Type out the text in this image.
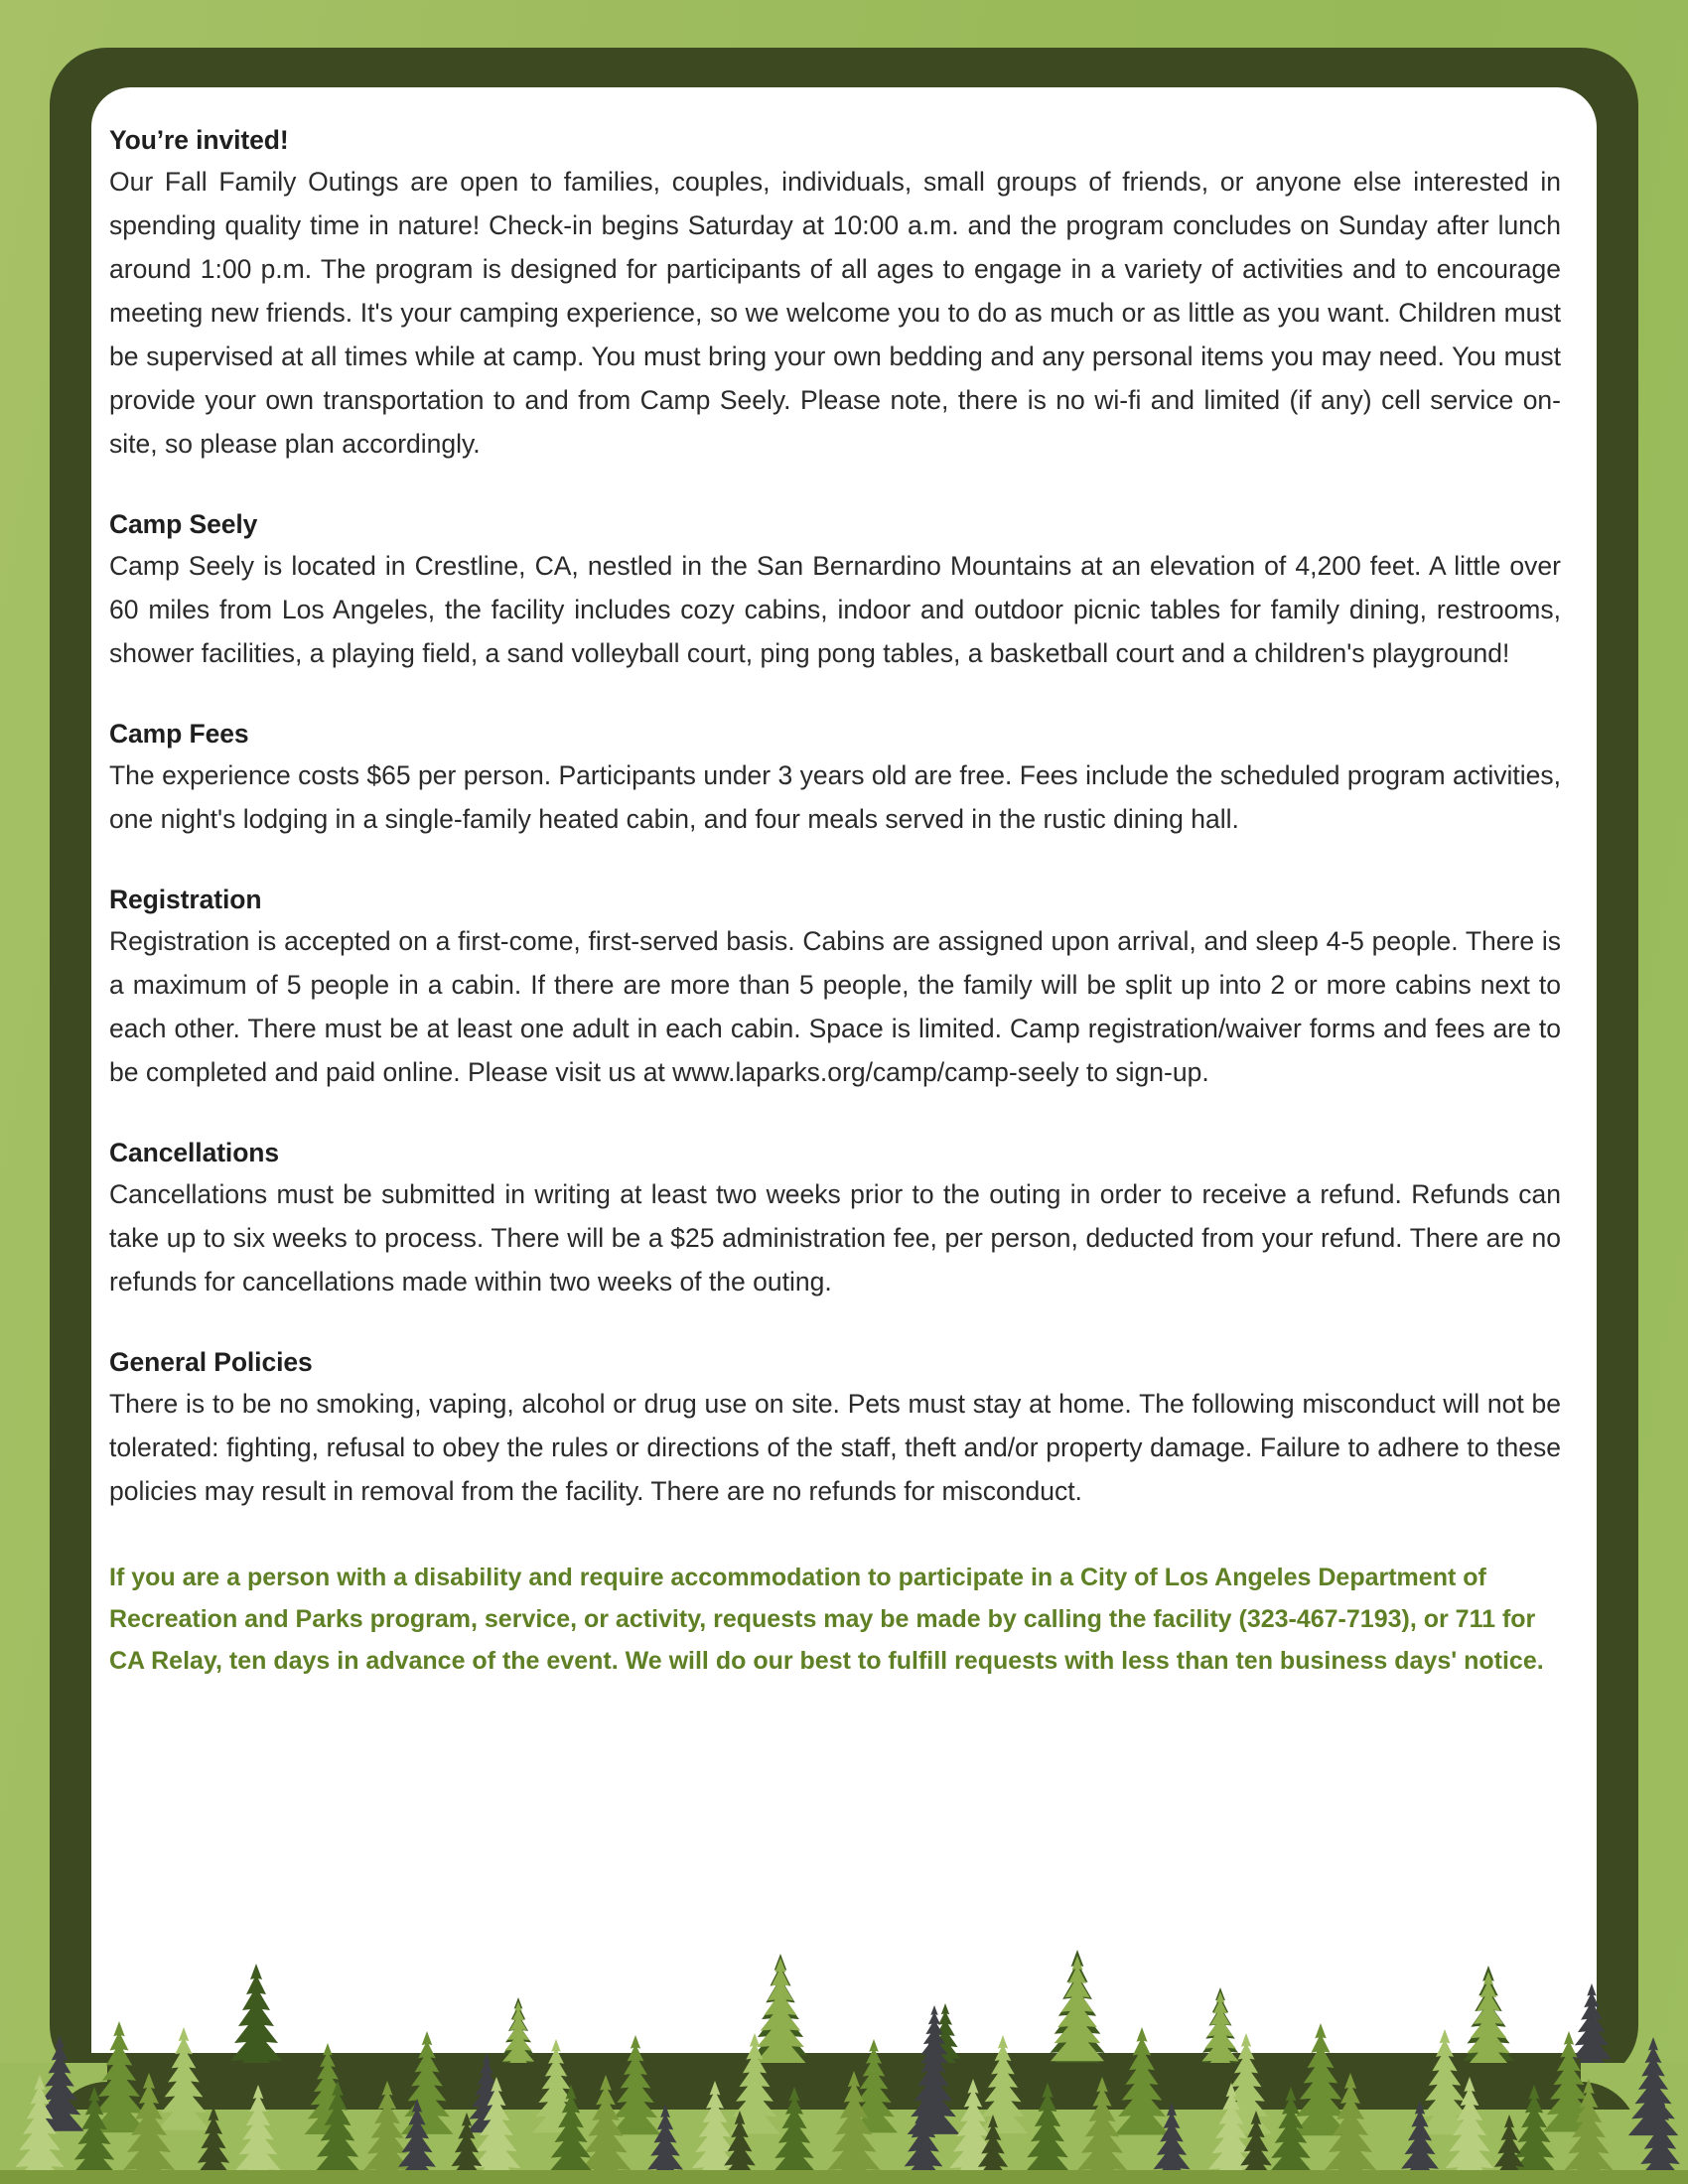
You’re invited!

Our Fall Family Outings are open to families, couples, individuals, small groups of friends, or anyone else interested in spending quality time in nature! Check-in begins Saturday at 10:00 a.m. and the program concludes on Sunday after lunch around 1:00 p.m. The program is designed for participants of all ages to engage in a variety of activities and to encourage meeting new friends. It's your camping experience, so we welcome you to do as much or as little as you want. Children must be supervised at all times while at camp. You must bring your own bedding and any personal items you may need. You must provide your own transportation to and from Camp Seely. Please note, there is no wi-fi and limited (if any) cell service on-site, so please plan accordingly.

Camp Seely

Camp Seely is located in Crestline, CA, nestled in the San Bernardino Mountains at an elevation of 4,200 feet. A little over 60 miles from Los Angeles, the facility includes cozy cabins, indoor and outdoor picnic tables for family dining, restrooms, shower facilities, a playing field, a sand volleyball court, ping pong tables, a basketball court and a children's playground!

Camp Fees

The experience costs $65 per person. Participants under 3 years old are free. Fees include the scheduled program activities, one night's lodging in a single-family heated cabin, and four meals served in the rustic dining hall.

Registration

Registration is accepted on a first-come, first-served basis. Cabins are assigned upon arrival, and sleep 4-5 people. There is a maximum of 5 people in a cabin. If there are more than 5 people, the family will be split up into 2 or more cabins next to each other. There must be at least one adult in each cabin. Space is limited. Camp registration/waiver forms and fees are to be completed and paid online. Please visit us at www.laparks.org/camp/camp-seely to sign-up.

Cancellations

Cancellations must be submitted in writing at least two weeks prior to the outing in order to receive a refund. Refunds can take up to six weeks to process. There will be a $25 administration fee, per person, deducted from your refund. There are no refunds for cancellations made within two weeks of the outing.

General Policies

There is to be no smoking, vaping, alcohol or drug use on site. Pets must stay at home. The following misconduct will not be tolerated: fighting, refusal to obey the rules or directions of the staff, theft and/or property damage. Failure to adhere to these policies may result in removal from the facility. There are no refunds for misconduct.

If you are a person with a disability and require accommodation to participate in a City of Los Angeles Department of Recreation and Parks program, service, or activity, requests may be made by calling the facility (323-467-7193), or 711 for CA Relay, ten days in advance of the event. We will do our best to fulfill requests with less than ten business days' notice.
